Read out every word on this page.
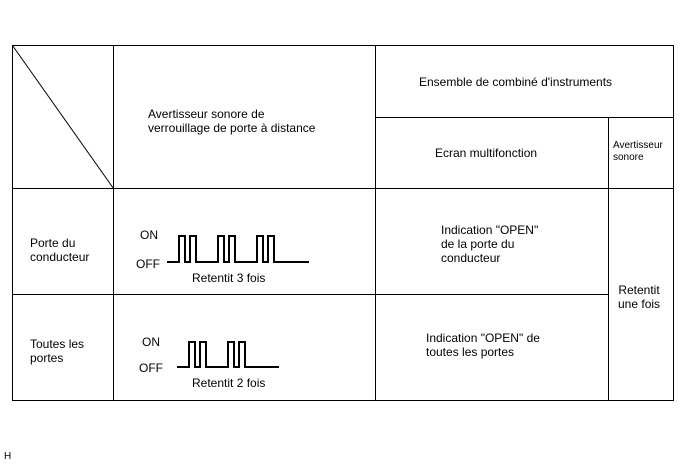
Avertisseur sonore de
verrouillage de porte à distance
Ensemble de combiné d'instruments
Ecran multifonction
Avertisseur
sonore
Porte du
conducteur
ON
OFF
Retentit 3 fois
Indication "OPEN"
de la porte du
conducteur
Toutes les
portes
ON
OFF
Retentit 2 fois
Indication "OPEN" de
toutes les portes
Retentit
une fois
H
